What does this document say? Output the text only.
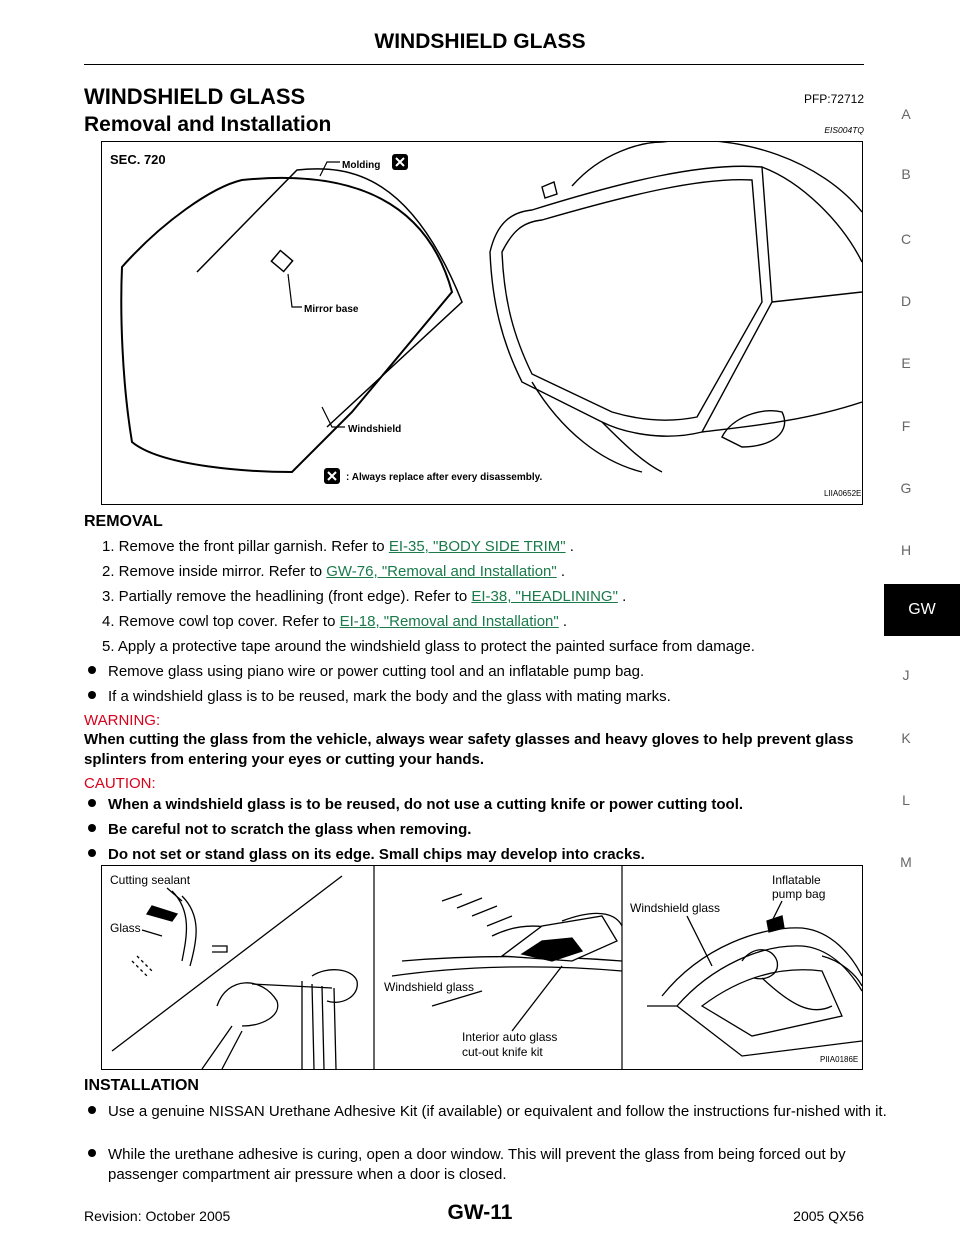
WINDSHIELD GLASS
A
B
C
D
E
F
G
H
GW
J
K
L
M
WINDSHIELD GLASS	PFP:72712
Removal and Installation	EIS004TQ
SEC. 720
Mirror base
Molding
Windshield
: Always replace after every disassembly.
LIIA0652E
REMOVAL
1. Remove the front pillar garnish. Refer to EI-35, "BODY SIDE TRIM" .
2. Remove inside mirror. Refer to GW-76, "Removal and Installation" .
3. Partially remove the headlining (front edge). Refer to EI-38, "HEADLINING" .
4. Remove cowl top cover. Refer to EI-18, "Removal and Installation" .
5. Apply a protective tape around the windshield glass to protect the painted surface from damage.
Remove glass using piano wire or power cutting tool and an inflatable pump bag.
If a windshield glass is to be reused, mark the body and the glass with mating marks.
WARNING:
When cutting the glass from the vehicle, always wear safety glasses and heavy gloves to help prevent glass splinters from entering your eyes or cutting your hands.
CAUTION:
When a windshield glass is to be reused, do not use a cutting knife or power cutting tool.
Be careful not to scratch the glass when removing.
Do not set or stand glass on its edge. Small chips may develop into cracks.
Cutting sealant
Glass
Windshield glass
Interior auto glass
cut-out knife kit
Windshield glass
Inflatable
pump bag
PIIA0186E
INSTALLATION
Use a genuine NISSAN Urethane Adhesive Kit (if available) or equivalent and follow the instructions fur-nished with it.
While the urethane adhesive is curing, open a door window. This will prevent the glass from being forced out by passenger compartment air pressure when a door is closed.
Revision: October 2005	GW-11	2005 QX56
